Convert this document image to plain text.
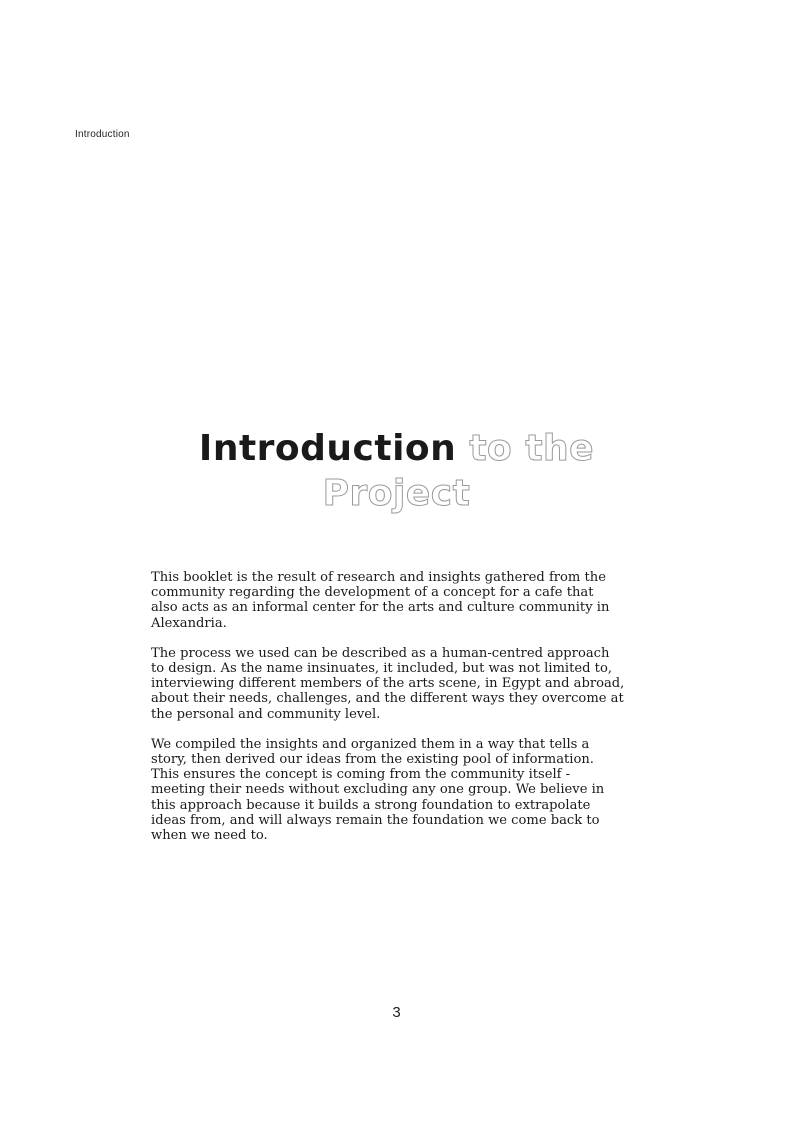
Introduction
Introduction to the
Project

This booklet is the result of research and insights gathered from the
community regarding the development of a concept for a cafe that
also acts as an informal center for the arts and culture community in
Alexandria.

The process we used can be described as a human-centred approach
to design. As the name insinuates, it included, but was not limited to,
interviewing different members of the arts scene, in Egypt and abroad,
about their needs, challenges, and the different ways they overcome at
the personal and community level.

We compiled the insights and organized them in a way that tells a
story, then derived our ideas from the existing pool of information.
This ensures the concept is coming from the community itself -
meeting their needs without excluding any one group. We believe in
this approach because it builds a strong foundation to extrapolate
ideas from, and will always remain the foundation we come back to
when we need to.

3
